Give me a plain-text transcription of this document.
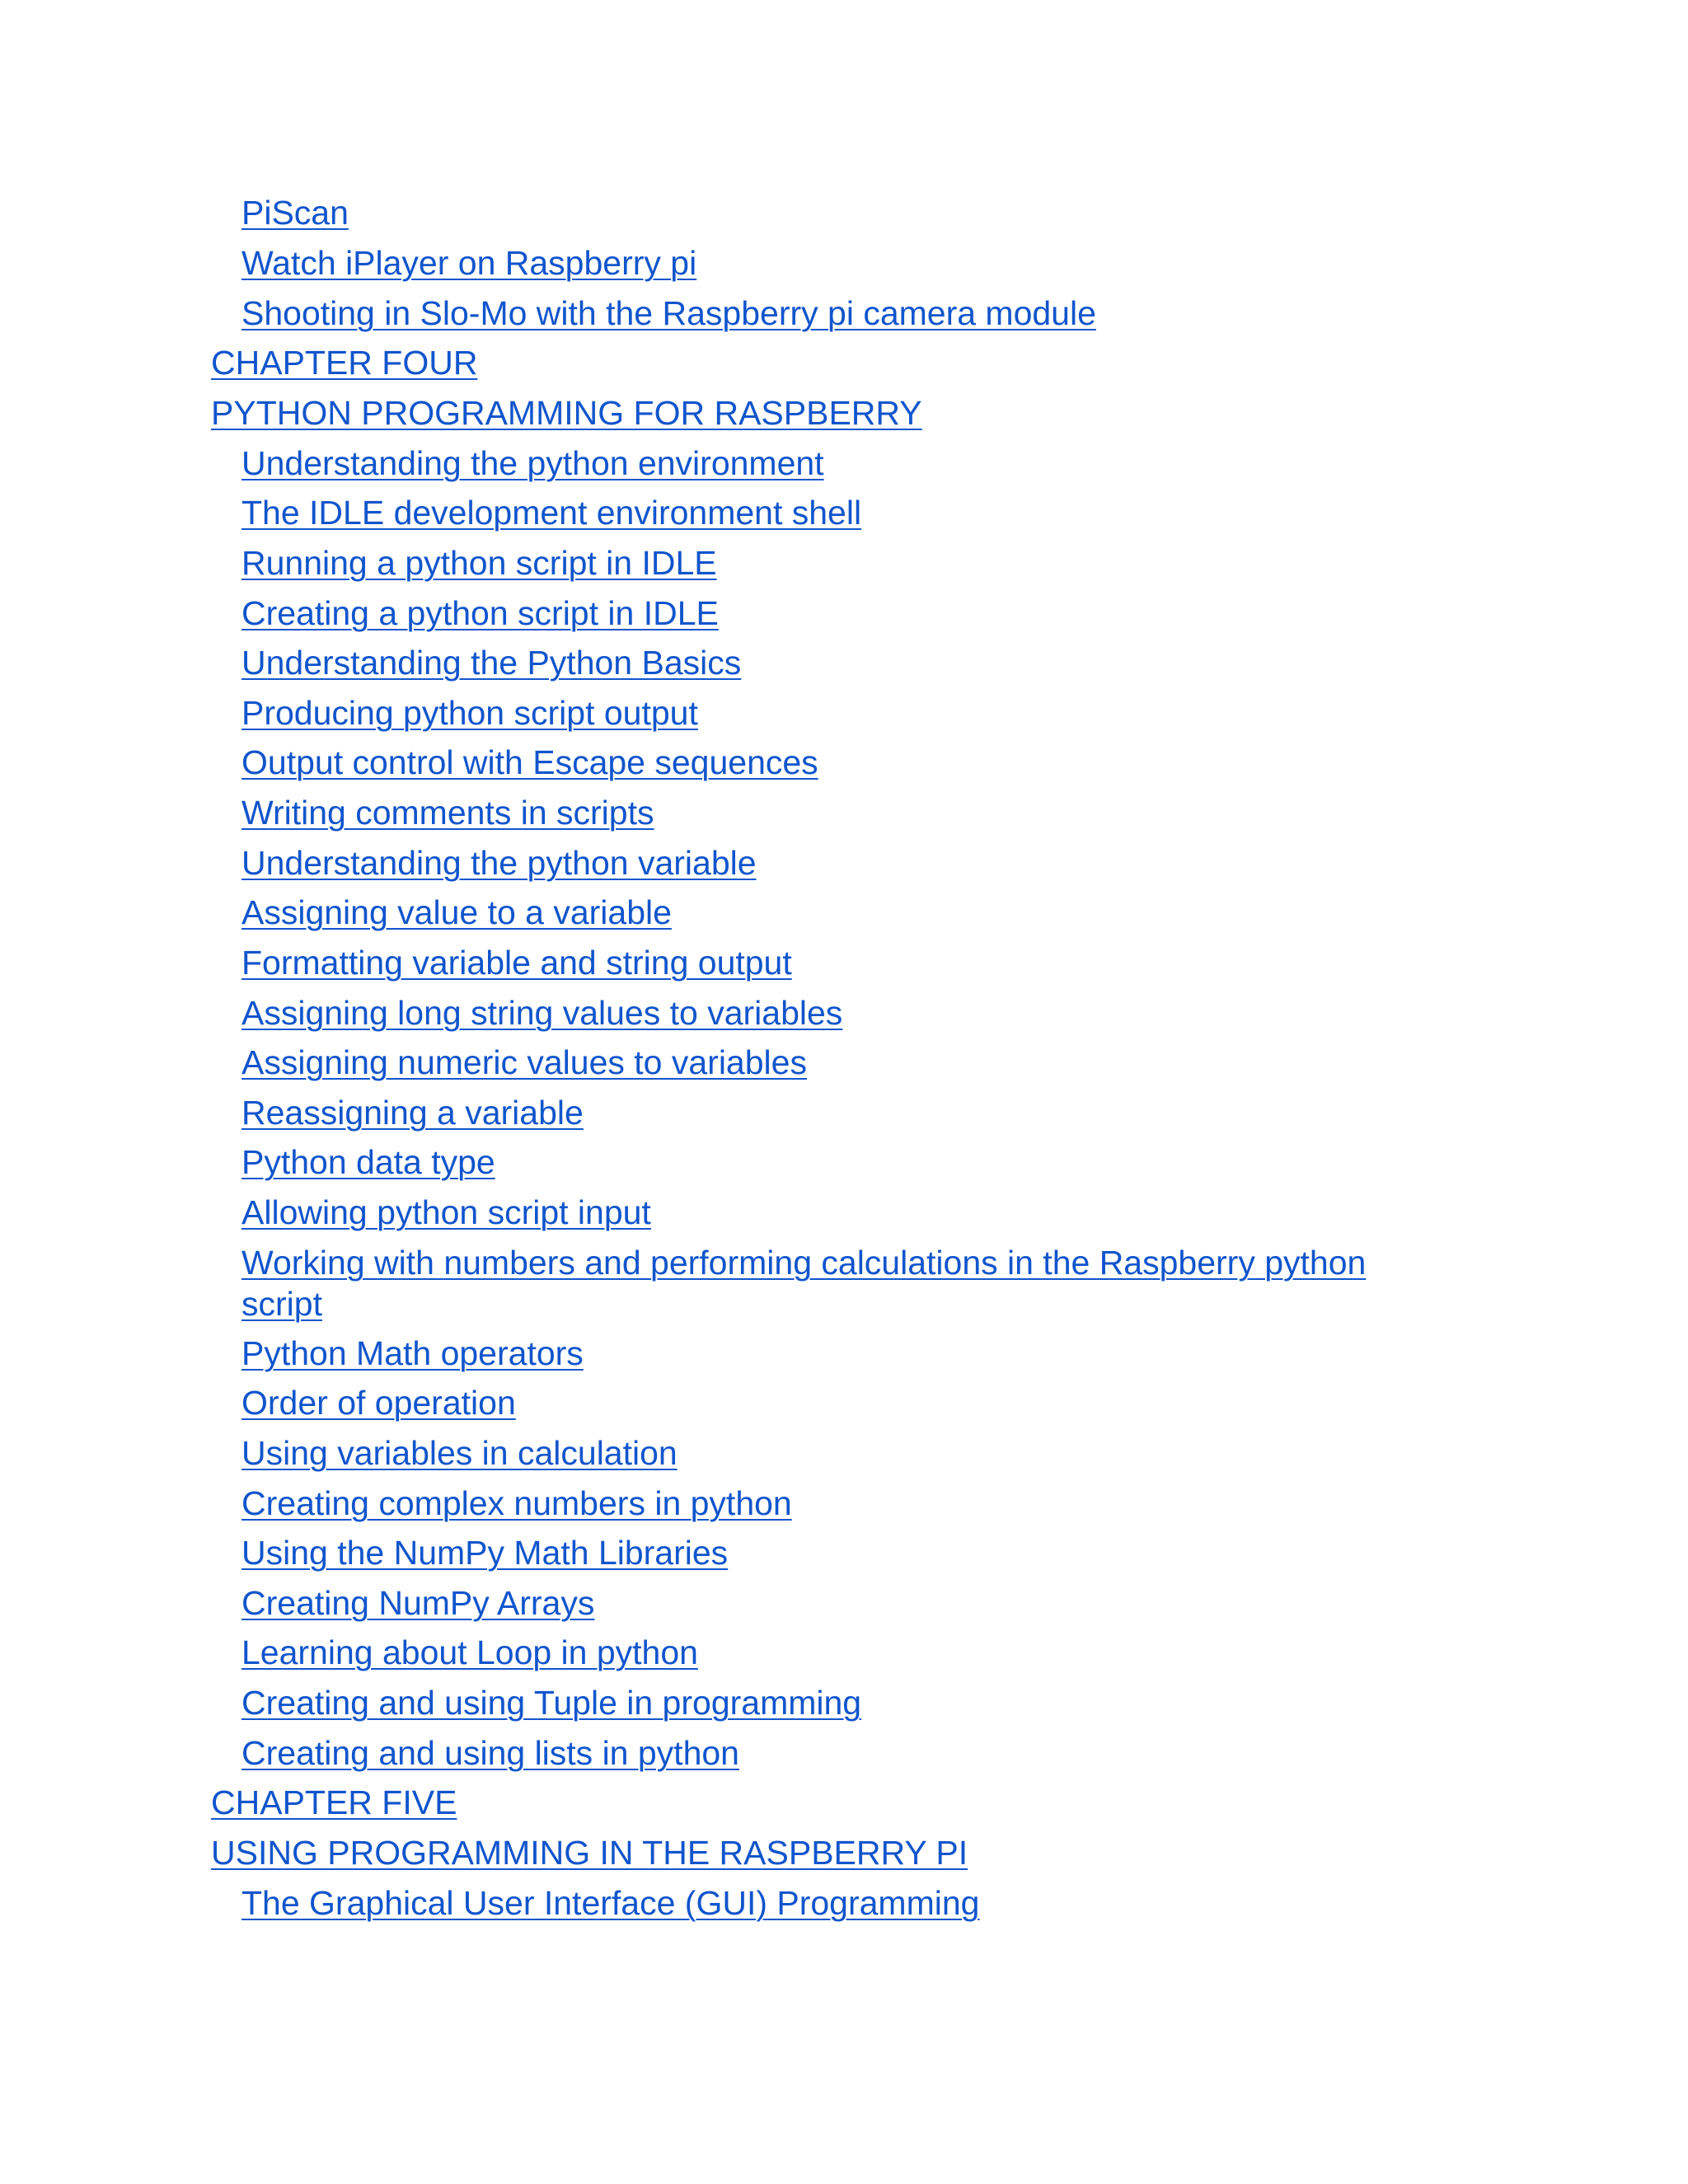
PiScan
Watch iPlayer on Raspberry pi
Shooting in Slo-Mo with the Raspberry pi camera module
CHAPTER FOUR
PYTHON PROGRAMMING FOR RASPBERRY
Understanding the python environment
The IDLE development environment shell
Running a python script in IDLE
Creating a python script in IDLE
Understanding the Python Basics
Producing python script output
Output control with Escape sequences
Writing comments in scripts
Understanding the python variable
Assigning value to a variable
Formatting variable and string output
Assigning long string values to variables
Assigning numeric values to variables
Reassigning a variable
Python data type
Allowing python script input
Working with numbers and performing calculations in the Raspberry python script
Python Math operators
Order of operation
Using variables in calculation
Creating complex numbers in python
Using the NumPy Math Libraries
Creating NumPy Arrays
Learning about Loop in python
Creating and using Tuple in programming
Creating and using lists in python
CHAPTER FIVE
USING PROGRAMMING IN THE RASPBERRY PI
The Graphical User Interface (GUI) Programming
